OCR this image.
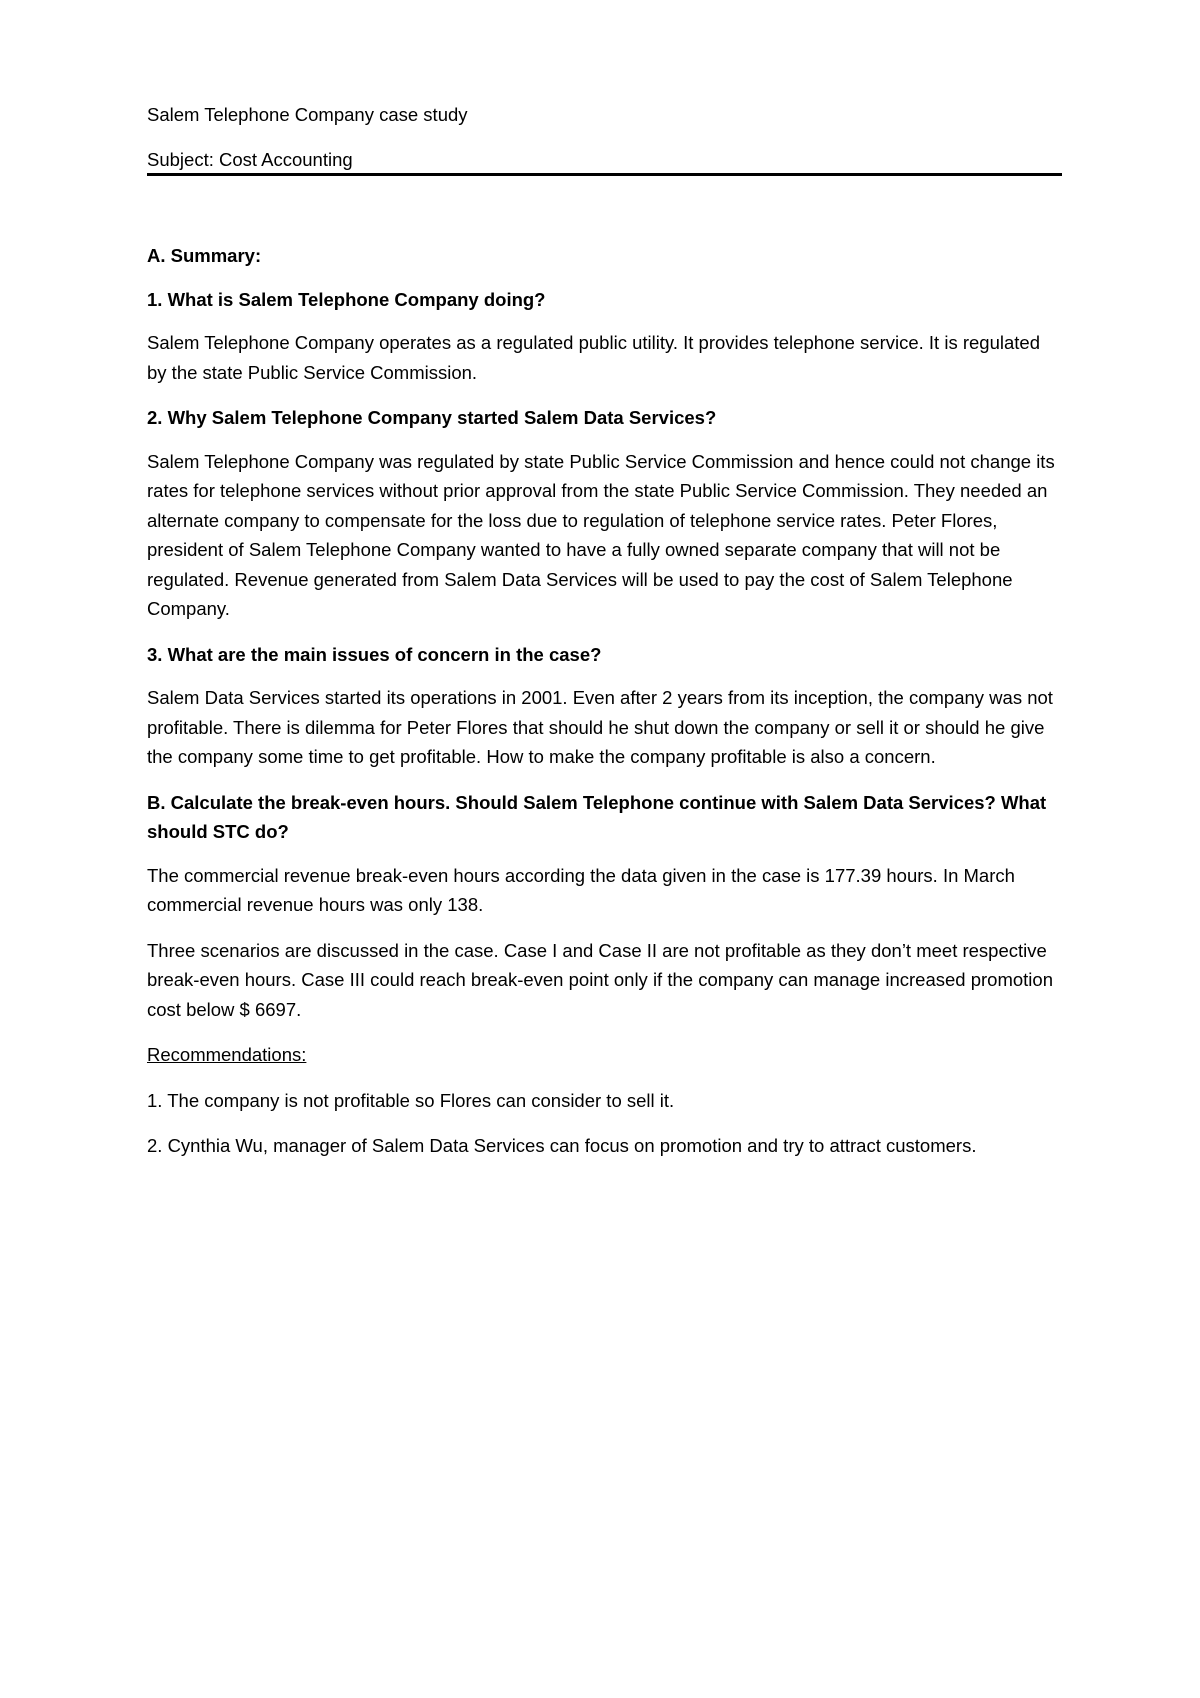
Salem Telephone Company case study

Subject: Cost Accounting

A. Summary:

1. What is Salem Telephone Company doing?

Salem Telephone Company operates as a regulated public utility. It provides telephone service. It is regulated by the state Public Service Commission.

2. Why Salem Telephone Company started Salem Data Services?

Salem Telephone Company was regulated by state Public Service Commission and hence could not change its rates for telephone services without prior approval from the state Public Service Commission. They needed an alternate company to compensate for the loss due to regulation of telephone service rates. Peter Flores, president of Salem Telephone Company wanted to have a fully owned separate company that will not be regulated. Revenue generated from Salem Data Services will be used to pay the cost of Salem Telephone Company.

3. What are the main issues of concern in the case?

Salem Data Services started its operations in 2001. Even after 2 years from its inception, the company was not profitable. There is dilemma for Peter Flores that should he shut down the company or sell it or should he give the company some time to get profitable. How to make the company profitable is also a concern.

B. Calculate the break-even hours. Should Salem Telephone continue with Salem Data Services? What should STC do?

The commercial revenue break-even hours according the data given in the case is 177.39 hours. In March commercial revenue hours was only 138.

Three scenarios are discussed in the case. Case I and Case II are not profitable as they don’t meet respective break-even hours. Case III could reach break-even point only if the company can manage increased promotion cost below $ 6697.

Recommendations:

1. The company is not profitable so Flores can consider to sell it.

2. Cynthia Wu, manager of Salem Data Services can focus on promotion and try to attract customers.
